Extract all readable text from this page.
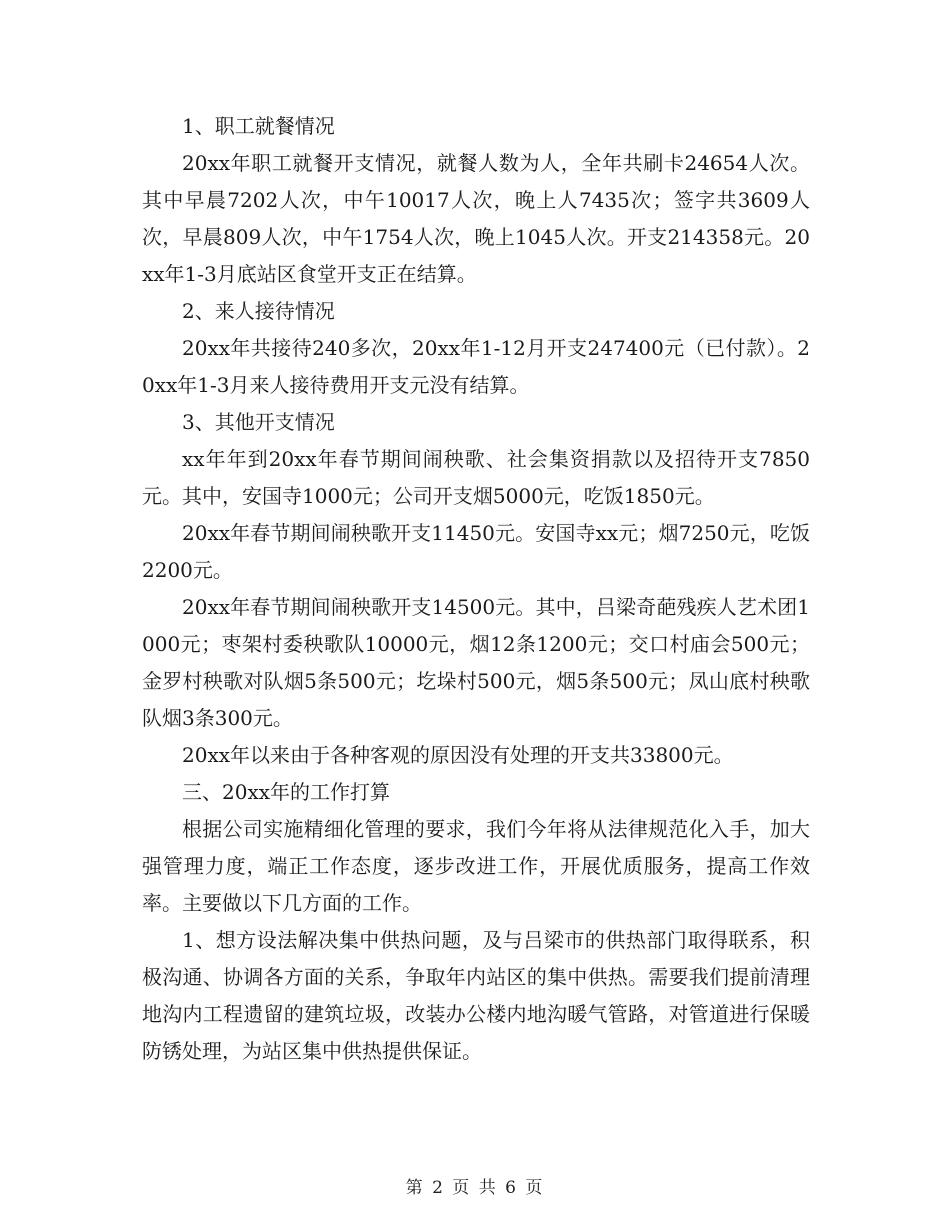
1、职工就餐情况

20xx年职工就餐开支情况，就餐人数为人，全年共刷卡24654人次。其中早晨7202人次，中午10017人次，晚上人7435次；签字共3609人次，早晨809人次，中午1754人次，晚上1045人次。开支214358元。20xx年1-3月底站区食堂开支正在结算。

2、来人接待情况

20xx年共接待240多次，20xx年1-12月开支247400元（已付款）。20xx年1-3月来人接待费用开支元没有结算。

3、其他开支情况

xx年年到20xx年春节期间闹秧歌、社会集资捐款以及招待开支7850元。其中，安国寺1000元；公司开支烟5000元，吃饭1850元。

20xx年春节期间闹秧歌开支11450元。安国寺xx元；烟7250元，吃饭2200元。

20xx年春节期间闹秧歌开支14500元。其中，吕梁奇葩残疾人艺术团1000元；枣架村委秧歌队10000元，烟12条1200元；交口村庙会500元；金罗村秧歌对队烟5条500元；圪垛村500元，烟5条500元；凤山底村秧歌队烟3条300元。

20xx年以来由于各种客观的原因没有处理的开支共33800元。

三、20xx年的工作打算

根据公司实施精细化管理的要求，我们今年将从法律规范化入手，加大强管理力度，端正工作态度，逐步改进工作，开展优质服务，提高工作效率。主要做以下几方面的工作。

1、想方设法解决集中供热问题，及与吕梁市的供热部门取得联系，积极沟通、协调各方面的关系，争取年内站区的集中供热。需要我们提前清理地沟内工程遗留的建筑垃圾，改装办公楼内地沟暖气管路，对管道进行保暖防锈处理，为站区集中供热提供保证。

第 2 页 共 6 页
